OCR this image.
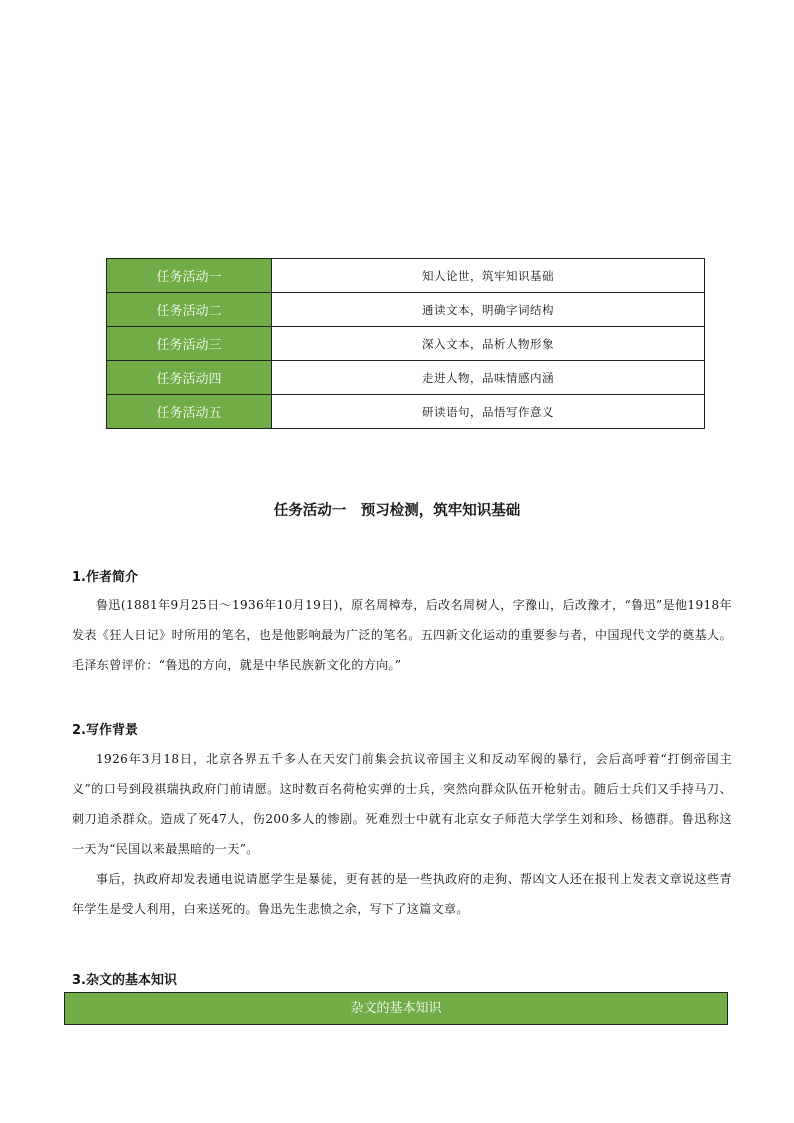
任务活动一	知人论世，筑牢知识基础
任务活动二	通读文本，明确字词结构
任务活动三	深入文本，品析人物形象
任务活动四	走进人物，品味情感内涵
任务活动五	研读语句，品悟写作意义
任务活动一　预习检测，筑牢知识基础
1.作者简介

鲁迅(1881年9月25日～1936年10月19日)，原名周樟寿，后改名周树人，字豫山，后改豫才，“鲁迅”是他1918年发表《狂人日记》时所用的笔名，也是他影响最为广泛的笔名。五四新文化运动的重要参与者，中国现代文学的奠基人。毛泽东曾评价：“鲁迅的方向，就是中华民族新文化的方向。”

2.写作背景

1926年3月18日，北京各界五千多人在天安门前集会抗议帝国主义和反动军阀的暴行，会后高呼着“打倒帝国主义”的口号到段祺瑞执政府门前请愿。这时数百名荷枪实弹的士兵，突然向群众队伍开枪射击。随后士兵们又手持马刀、刺刀追杀群众。造成了死47人，伤200多人的惨剧。死难烈士中就有北京女子师范大学学生刘和珍、杨德群。鲁迅称这一天为“民国以来最黑暗的一天”。

事后，执政府却发表通电说请愿学生是暴徒，更有甚的是一些执政府的走狗、帮凶文人还在报刊上发表文章说这些青年学生是受人利用，白来送死的。鲁迅先生悲愤之余，写下了这篇文章。

3.杂文的基本知识
杂文的基本知识
